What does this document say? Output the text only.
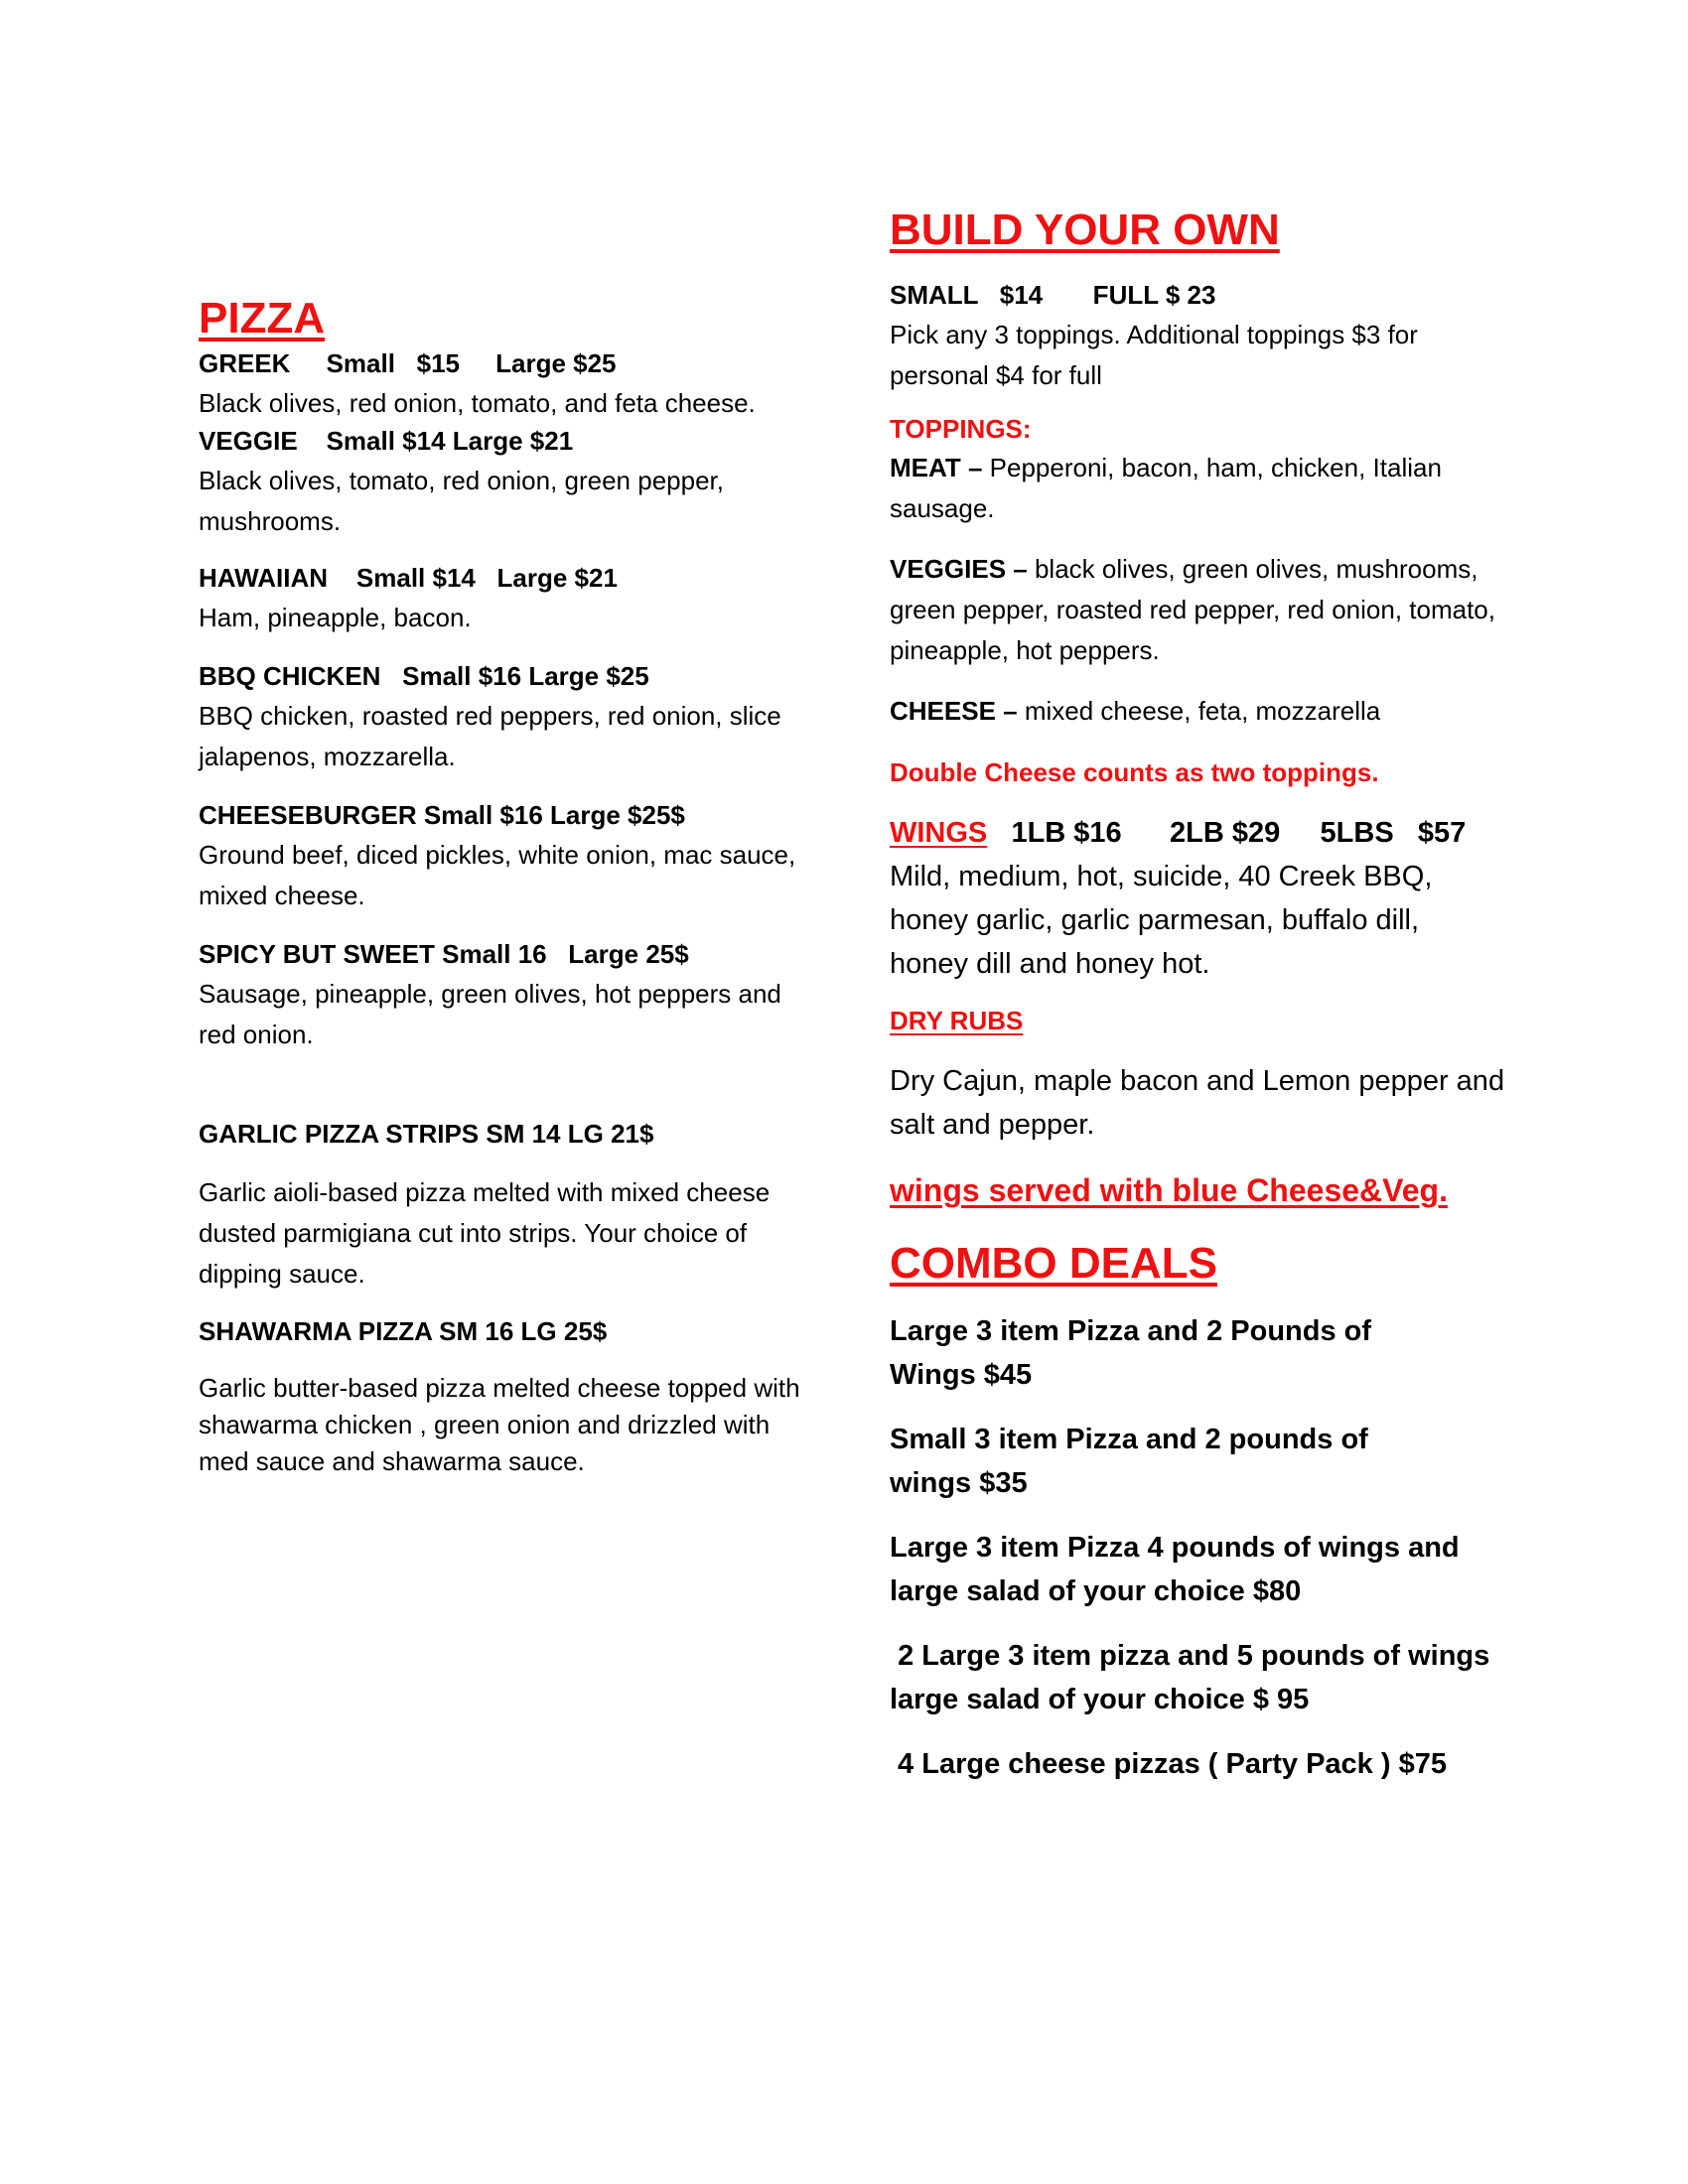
PIZZA
GREEK     Small   $15     Large $25
Black olives, red onion, tomato, and feta cheese.
VEGGIE    Small $14 Large $21
Black olives, tomato, red onion, green pepper, mushrooms.
HAWAIIAN    Small $14   Large $21
Ham, pineapple, bacon.
BBQ CHICKEN   Small $16 Large $25
BBQ chicken, roasted red peppers, red onion, slice jalapenos, mozzarella.
CHEESEBURGER Small $16 Large $25$
Ground beef, diced pickles, white onion, mac sauce, mixed cheese.
SPICY BUT SWEET Small 16   Large 25$
Sausage, pineapple, green olives, hot peppers and red onion.
GARLIC PIZZA STRIPS SM 14 LG 21$
Garlic aioli-based pizza melted with mixed cheese dusted parmigiana cut into strips. Your choice of dipping sauce.
SHAWARMA PIZZA SM 16 LG 25$
Garlic butter-based pizza melted cheese topped with shawarma chicken , green onion and drizzled with med sauce and shawarma sauce.
BUILD YOUR OWN
SMALL   $14       FULL $ 23
Pick any 3 toppings. Additional toppings $3 for personal $4 for full
TOPPINGS:
MEAT – Pepperoni, bacon, ham, chicken, Italian sausage.
VEGGIES – black olives, green olives, mushrooms, green pepper, roasted red pepper, red onion, tomato, pineapple, hot peppers.
CHEESE – mixed cheese, feta, mozzarella
Double Cheese counts as two toppings.
WINGS   1LB $16      2LB $29     5LBS   $57
Mild, medium, hot, suicide, 40 Creek BBQ, honey garlic, garlic parmesan, buffalo dill, honey dill and honey hot.
DRY RUBS
Dry Cajun, maple bacon and Lemon pepper and salt and pepper.
wings served with blue Cheese&Veg.
COMBO DEALS
Large 3 item Pizza and 2 Pounds of Wings $45
Small 3 item Pizza and 2 pounds of wings $35
Large 3 item Pizza 4 pounds of wings and large salad of your choice $80
2 Large 3 item pizza and 5 pounds of wings large salad of your choice $ 95
4 Large cheese pizzas ( Party Pack ) $75
